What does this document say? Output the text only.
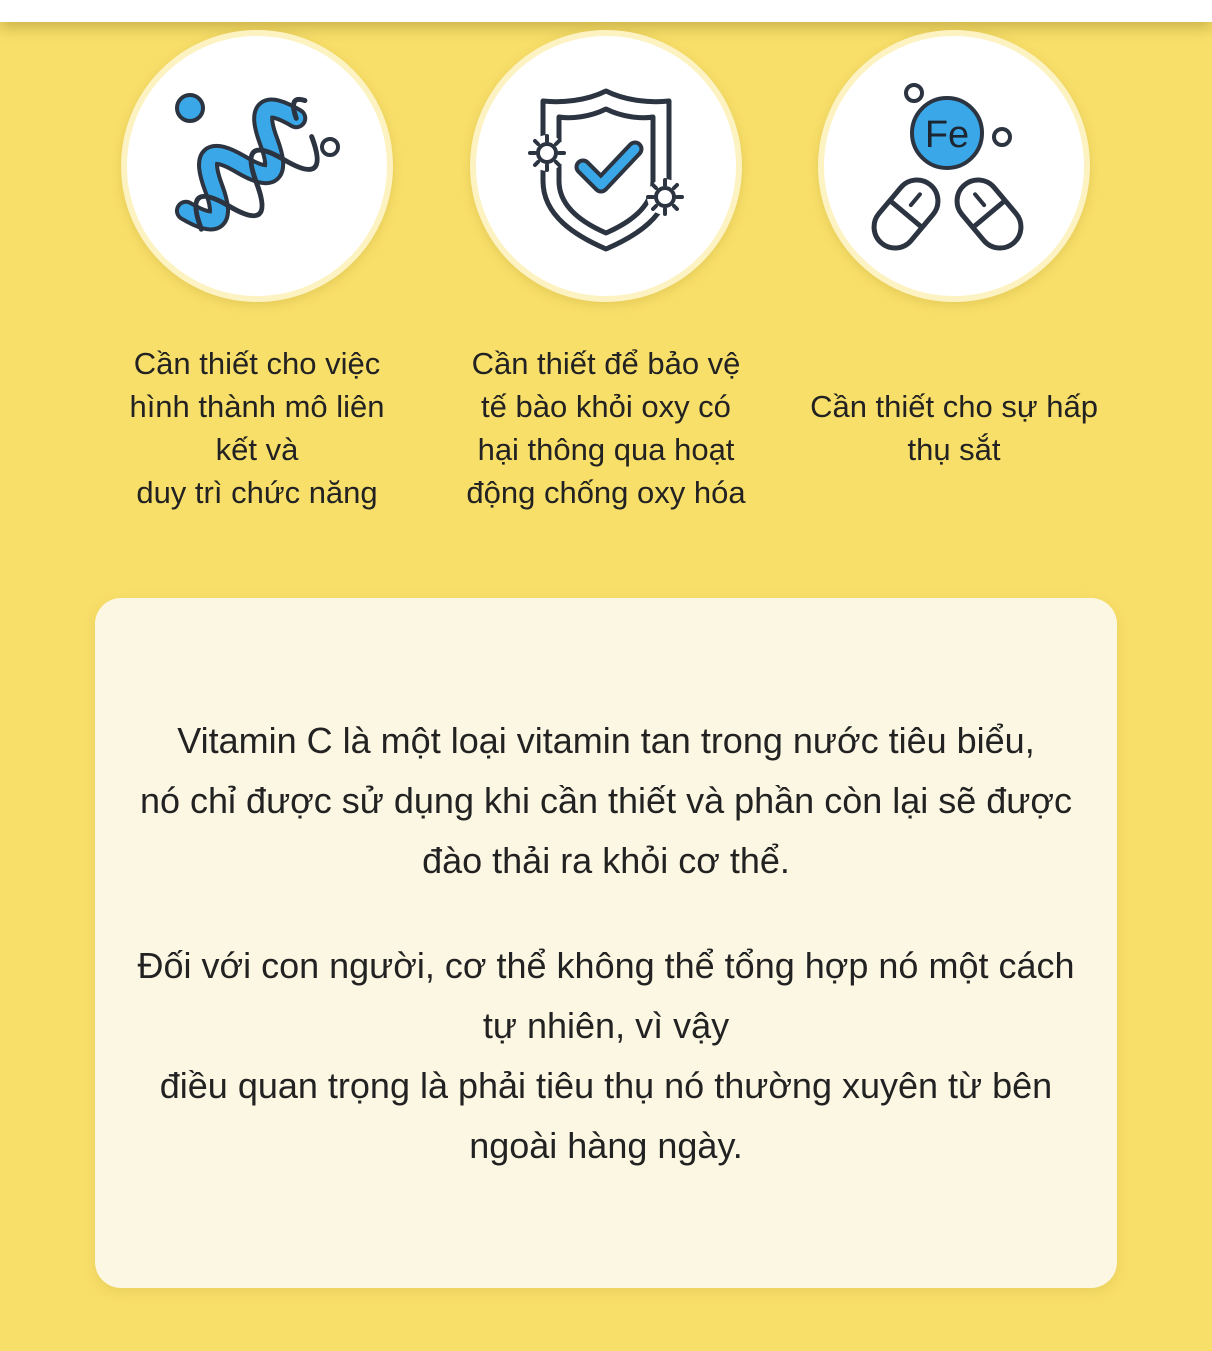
Cần thiết cho việc
hình thành mô liên
kết và
duy trì chức năng
Cần thiết để bảo vệ
tế bào khỏi oxy có
hại thông qua hoạt
động chống oxy hóa
Fe
Cần thiết cho sự hấp
thụ sắt
Vitamin C là một loại vitamin tan trong nước tiêu biểu,
nó chỉ được sử dụng khi cần thiết và phần còn lại sẽ được
đào thải ra khỏi cơ thể.
Đối với con người, cơ thể không thể tổng hợp nó một cách
tự nhiên, vì vậy
điều quan trọng là phải tiêu thụ nó thường xuyên từ bên
ngoài hàng ngày.
